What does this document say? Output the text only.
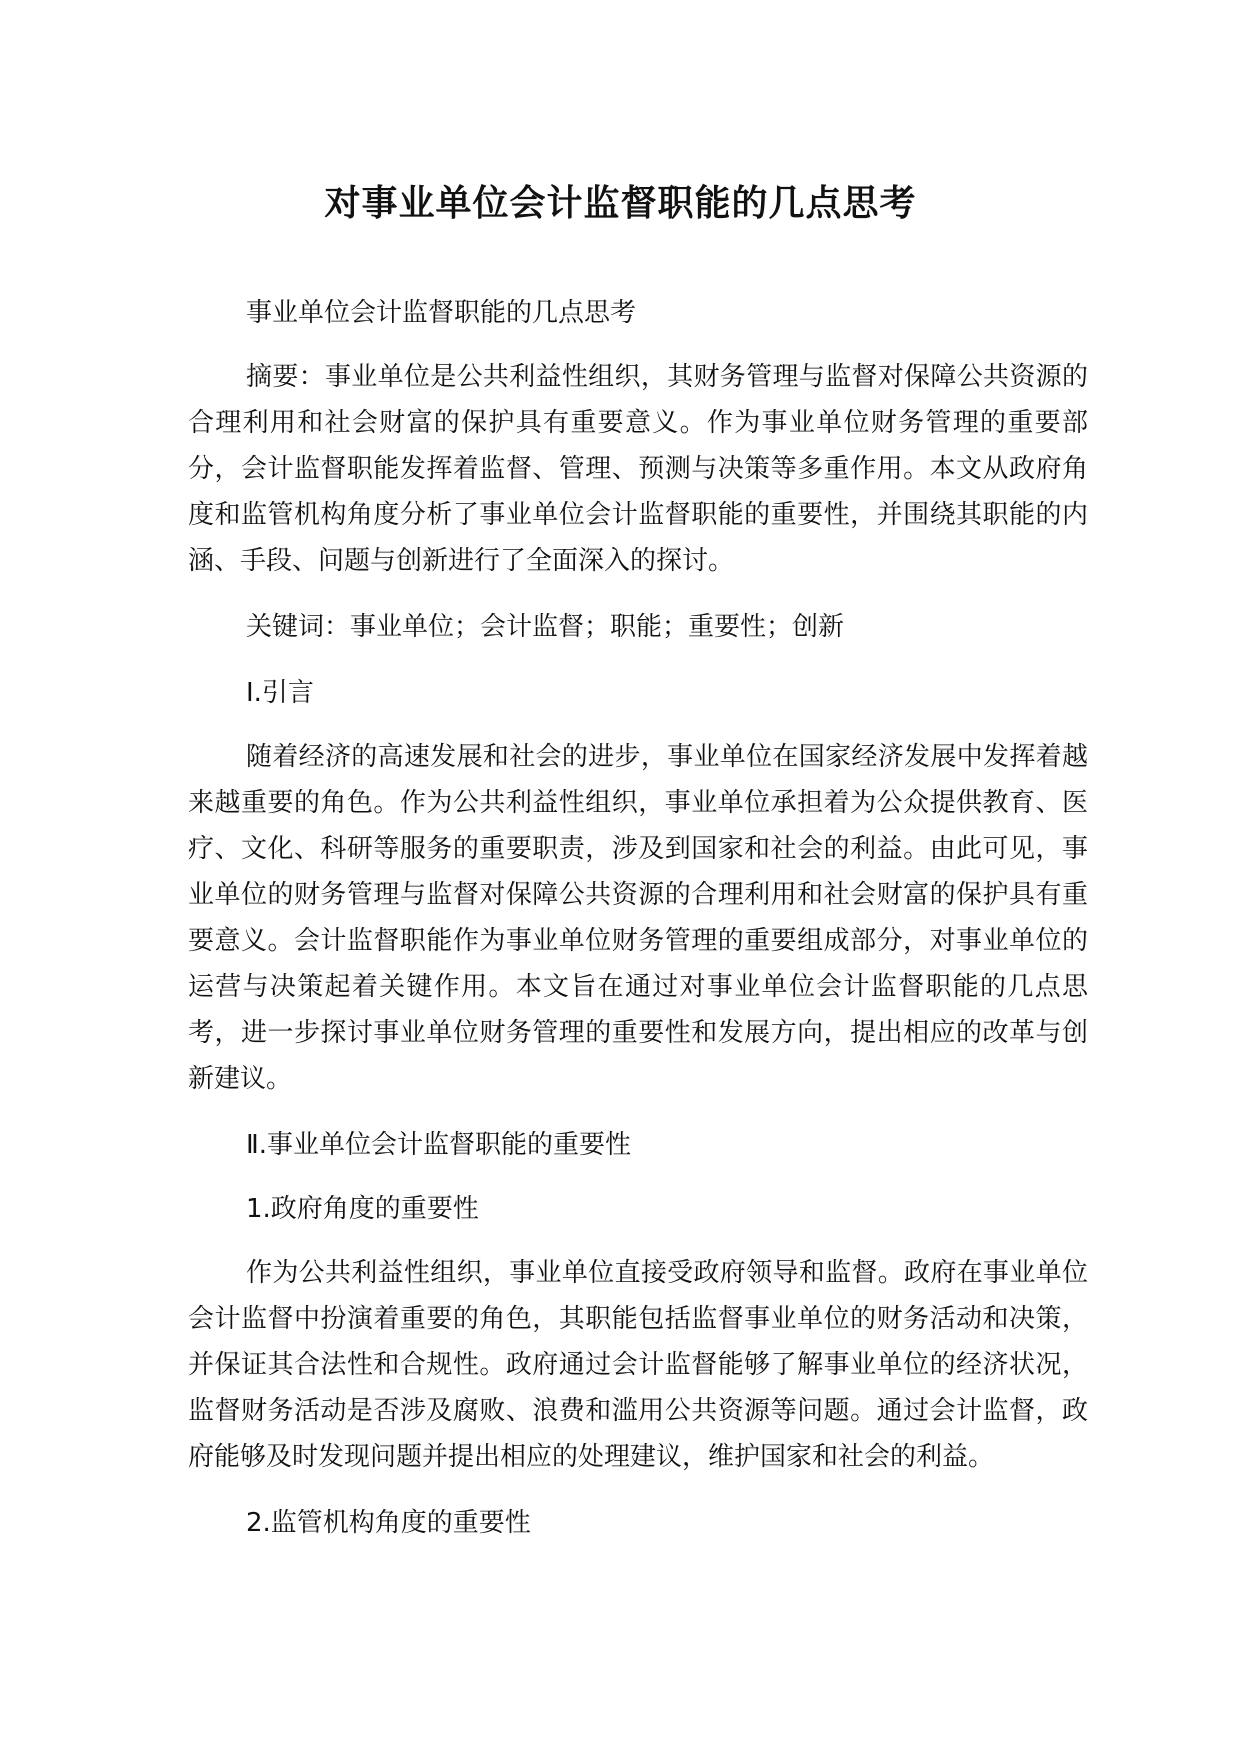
对事业单位会计监督职能的几点思考

事业单位会计监督职能的几点思考

摘要：事业单位是公共利益性组织，其财务管理与监督对保障公共资源的合理利用和社会财富的保护具有重要意义。作为事业单位财务管理的重要部分，会计监督职能发挥着监督、管理、预测与决策等多重作用。本文从政府角度和监管机构角度分析了事业单位会计监督职能的重要性，并围绕其职能的内涵、手段、问题与创新进行了全面深入的探讨。

关键词：事业单位；会计监督；职能；重要性；创新

Ⅰ.引言

随着经济的高速发展和社会的进步，事业单位在国家经济发展中发挥着越来越重要的角色。作为公共利益性组织，事业单位承担着为公众提供教育、医疗、文化、科研等服务的重要职责，涉及到国家和社会的利益。由此可见，事业单位的财务管理与监督对保障公共资源的合理利用和社会财富的保护具有重要意义。会计监督职能作为事业单位财务管理的重要组成部分，对事业单位的运营与决策起着关键作用。本文旨在通过对事业单位会计监督职能的几点思考，进一步探讨事业单位财务管理的重要性和发展方向，提出相应的改革与创新建议。

Ⅱ.事业单位会计监督职能的重要性

1.政府角度的重要性

作为公共利益性组织，事业单位直接受政府领导和监督。政府在事业单位会计监督中扮演着重要的角色，其职能包括监督事业单位的财务活动和决策，并保证其合法性和合规性。政府通过会计监督能够了解事业单位的经济状况，监督财务活动是否涉及腐败、浪费和滥用公共资源等问题。通过会计监督，政府能够及时发现问题并提出相应的处理建议，维护国家和社会的利益。

2.监管机构角度的重要性
